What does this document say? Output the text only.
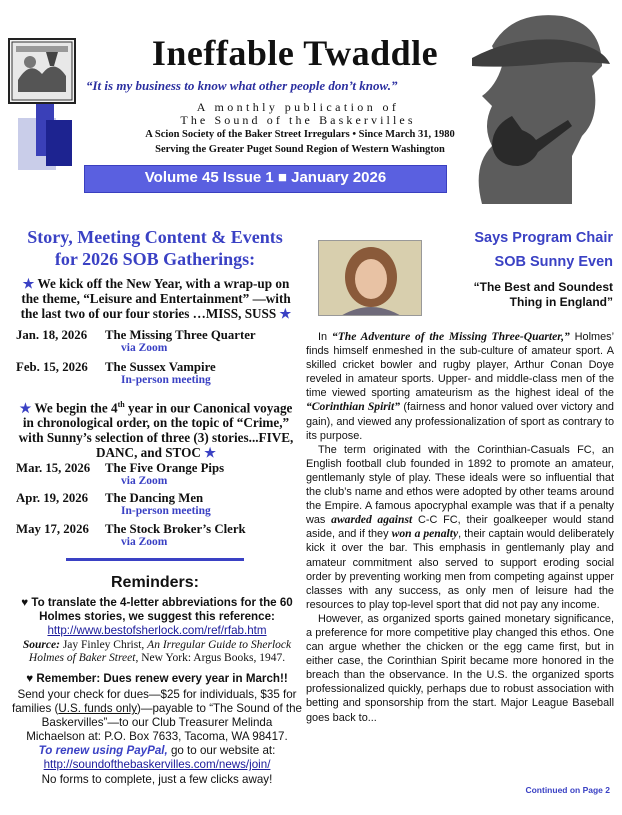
Ineffable Twaddle
“It is my business to know what other people don’t know.”
A monthly publication of
The Sound of the Baskervilles
A Scion Society of the Baker Street Irregulars • Since March 31, 1980
Serving the Greater Puget Sound Region of Western Washington
Volume 45 Issue 1 ■ January 2026
Story, Meeting Content & Events
for 2026 SOB Gatherings:
★ We kick off the New Year, with a wrap-up on the theme, “Leisure and Entertainment” —with the last two of our four stories …MISS, SUSS ★
Jan. 18, 2026 The Missing Three Quarter
via Zoom
Feb. 15, 2026 The Sussex Vampire
In-person meeting
★ We begin the 4th year in our Canonical voyage in chronological order, on the topic of “Crime,” with Sunny’s selection of three (3) stories...FIVE, DANC, and STOC ★
Mar. 15, 2026 The Five Orange Pips
via Zoom
Apr. 19, 2026 The Dancing Men
In-person meeting
May 17, 2026 The Stock Broker’s Clerk
via Zoom
Reminders:
♥ To translate the 4-letter abbreviations for the 60 Holmes stories, we suggest this reference:
http://www.bestofsherlock.com/ref/rfab.htm
Source: Jay Finley Christ, An Irregular Guide to Sherlock Holmes of Baker Street, New York: Argus Books, 1947.
♥ Remember: Dues renew every year in March!!
Send your check for dues—$25 for individuals, $35 for families (U.S. funds only)—payable to “The Sound of the Baskervilles”—to our Club Treasurer Melinda Michaelson at: P.O. Box 7633, Tacoma, WA 98417.
To renew using PayPal, go to our website at:
http://soundofthebaskervilles.com/news/join/
No forms to complete, just a few clicks away!
Says Program Chair
SOB Sunny Even
“The Best and Soundest
Thing in England”

In “The Adventure of the Missing Three-Quarter,” Holmes’ finds himself enmeshed in the sub-culture of amateur sport. A skilled cricket bowler and rugby player, Arthur Conan Doye reveled in amateur sports. Upper- and middle-class men of the time viewed sporting amateurism as the highest ideal of the “Corinthian Spirit” (fairness and honor valued over victory and gain), and viewed any professionalization of sport as contrary to its purpose.

The term originated with the Corinthian-Casuals FC, an English football club founded in 1892 to promote an amateur, gentlemanly style of play. These ideals were so influential that the club’s name and ethos were adopted by other teams around the Empire. A famous apocryphal example was that if a penalty was awarded against C-C FC, their goalkeeper would stand aside, and if they won a penalty, their captain would deliberately kick it over the bar. This emphasis in gentlemanly play and amateur commitment also served to support eroding social order by preventing working men from competing against upper classes with any success, as only men of leisure had the resources to play top-level sport that did not pay any income.

However, as organized sports gained monetary significance, a preference for more competitive play changed this ethos. One can argue whether the chicken or the egg came first, but in either case, the Corinthian Spirit became more honored in the breach than the observance. In the U.S. the organized sports professionalized quickly, perhaps due to robust association with betting and sponsorship from the start. Major League Baseball goes back to...

Continued on Page 2
